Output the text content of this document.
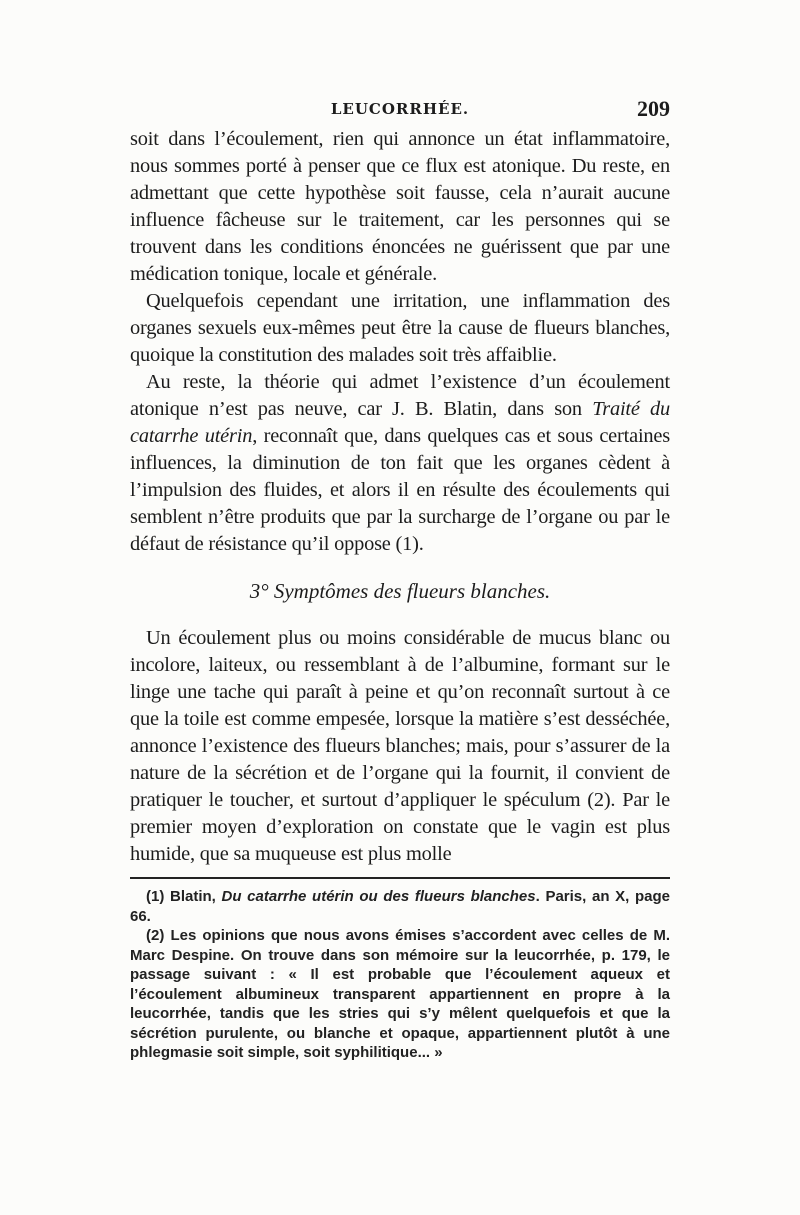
LEUCORRHÉE.	209

soit dans l’écoulement, rien qui annonce un état inflammatoire, nous sommes porté à penser que ce flux est atonique. Du reste, en admettant que cette hypothèse soit fausse, cela n’aurait aucune influence fâcheuse sur le traitement, car les personnes qui se trouvent dans les conditions énoncées ne guérissent que par une médication tonique, locale et générale.

Quelquefois cependant une irritation, une inflammation des organes sexuels eux-mêmes peut être la cause de flueurs blanches, quoique la constitution des malades soit très affaiblie.

Au reste, la théorie qui admet l’existence d’un écoulement atonique n’est pas neuve, car J. B. Blatin, dans son Traité du catarrhe utérin, reconnaît que, dans quelques cas et sous certaines influences, la diminution de ton fait que les organes cèdent à l’impulsion des fluides, et alors il en résulte des écoulements qui semblent n’être produits que par la surcharge de l’organe ou par le défaut de résistance qu’il oppose (1).

3° Symptômes des flueurs blanches.

Un écoulement plus ou moins considérable de mucus blanc ou incolore, laiteux, ou ressemblant à de l’albumine, formant sur le linge une tache qui paraît à peine et qu’on reconnaît surtout à ce que la toile est comme empesée, lorsque la matière s’est desséchée, annonce l’existence des flueurs blanches; mais, pour s’assurer de la nature de la sécrétion et de l’organe qui la fournit, il convient de pratiquer le toucher, et surtout d’appliquer le spéculum (2). Par le premier moyen d’exploration on constate que le vagin est plus humide, que sa muqueuse est plus molle

(1) Blatin, Du catarrhe utérin ou des flueurs blanches. Paris, an X, page 66.

(2) Les opinions que nous avons émises s’accordent avec celles de M. Marc Despine. On trouve dans son mémoire sur la leucorrhée, p. 179, le passage suivant : « Il est probable que l’écoulement aqueux et l’écoulement albumineux transparent appartiennent en propre à la leucorrhée, tandis que les stries qui s’y mêlent quelquefois et que la sécrétion purulente, ou blanche et opaque, appartiennent plutôt à une phlegmasie soit simple, soit syphilitique... »
